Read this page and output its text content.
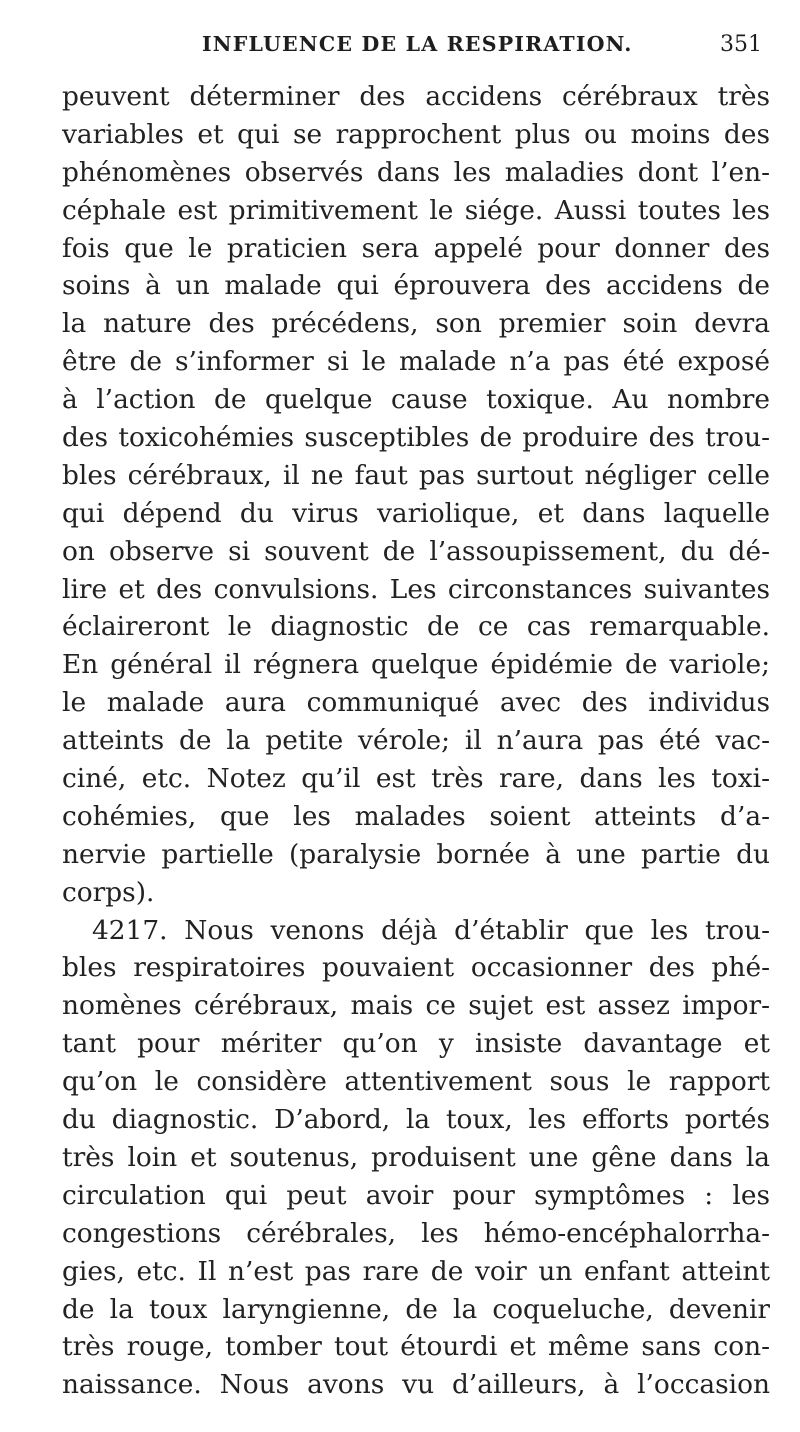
INFLUENCE DE LA RESPIRATION.	351
peuvent déterminer des accidens cérébraux très
variables et qui se rapprochent plus ou moins des
phénomènes observés dans les maladies dont l’en-
céphale est primitivement le siége. Aussi toutes les
fois que le praticien sera appelé pour donner des
soins à un malade qui éprouvera des accidens de
la nature des précédens, son premier soin devra
être de s’informer si le malade n’a pas été exposé
à l’action de quelque cause toxique. Au nombre
des toxicohémies susceptibles de produire des trou-
bles cérébraux, il ne faut pas surtout négliger celle
qui dépend du virus variolique, et dans laquelle
on observe si souvent de l’assoupissement, du dé-
lire et des convulsions. Les circonstances suivantes
éclaireront le diagnostic de ce cas remarquable.
En général il régnera quelque épidémie de variole;
le malade aura communiqué avec des individus
atteints de la petite vérole; il n’aura pas été vac-
ciné, etc. Notez qu’il est très rare, dans les toxi-
cohémies, que les malades soient atteints d’a-
nervie partielle (paralysie bornée à une partie du
corps).
4217. Nous venons déjà d’établir que les trou-
bles respiratoires pouvaient occasionner des phé-
nomènes cérébraux, mais ce sujet est assez impor-
tant pour mériter qu’on y insiste davantage et
qu’on le considère attentivement sous le rapport
du diagnostic. D’abord, la toux, les efforts portés
très loin et soutenus, produisent une gêne dans la
circulation qui peut avoir pour symptômes : les
congestions cérébrales, les hémo-encéphalorrha-
gies, etc. Il n’est pas rare de voir un enfant atteint
de la toux laryngienne, de la coqueluche, devenir
très rouge, tomber tout étourdi et même sans con-
naissance. Nous avons vu d’ailleurs, à l’occasion
